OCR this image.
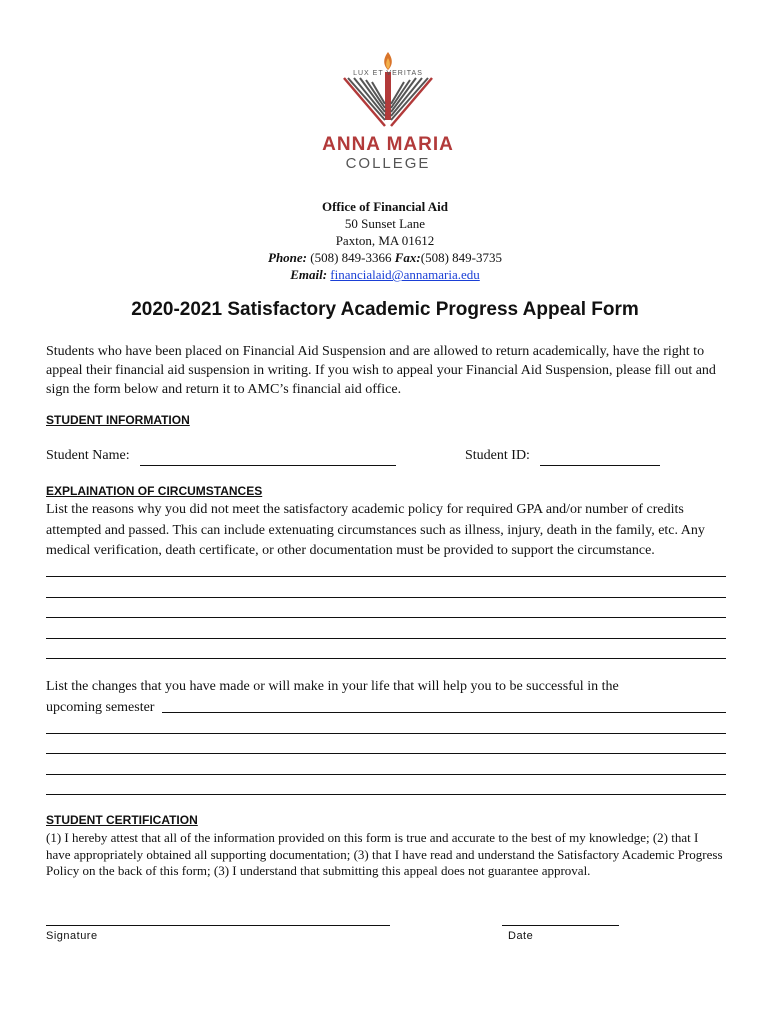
LUX ET VERITAS
ANNA MARIA
COLLEGE
Office of Financial Aid
50 Sunset Lane
Paxton, MA 01612
Phone: (508) 849-3366 Fax:(508) 849-3735
Email: financialaid@annamaria.edu
2020-2021 Satisfactory Academic Progress Appeal Form
Students who have been placed on Financial Aid Suspension and are allowed to return academically, have the right to appeal their financial aid suspension in writing. If you wish to appeal your Financial Aid Suspension, please fill out and sign the form below and return it to AMC’s financial aid office.
STUDENT INFORMATION
Student Name:	Student ID:
EXPLAINATION OF CIRCUMSTANCES
List the reasons why you did not meet the satisfactory academic policy for required GPA and/or number of credits attempted and passed. This can include extenuating circumstances such as illness, injury, death in the family, etc. Any medical verification, death certificate, or other documentation must be provided to support the circumstance.
List the changes that you have made or will make in your life that will help you to be successful in the
upcoming semester
STUDENT CERTIFICATION
(1) I hereby attest that all of the information provided on this form is true and accurate to the best of my knowledge; (2) that I have appropriately obtained all supporting documentation; (3) that I have read and understand the Satisfactory Academic Progress Policy on the back of this form; (3) I understand that submitting this appeal does not guarantee approval.
Signature	Date
